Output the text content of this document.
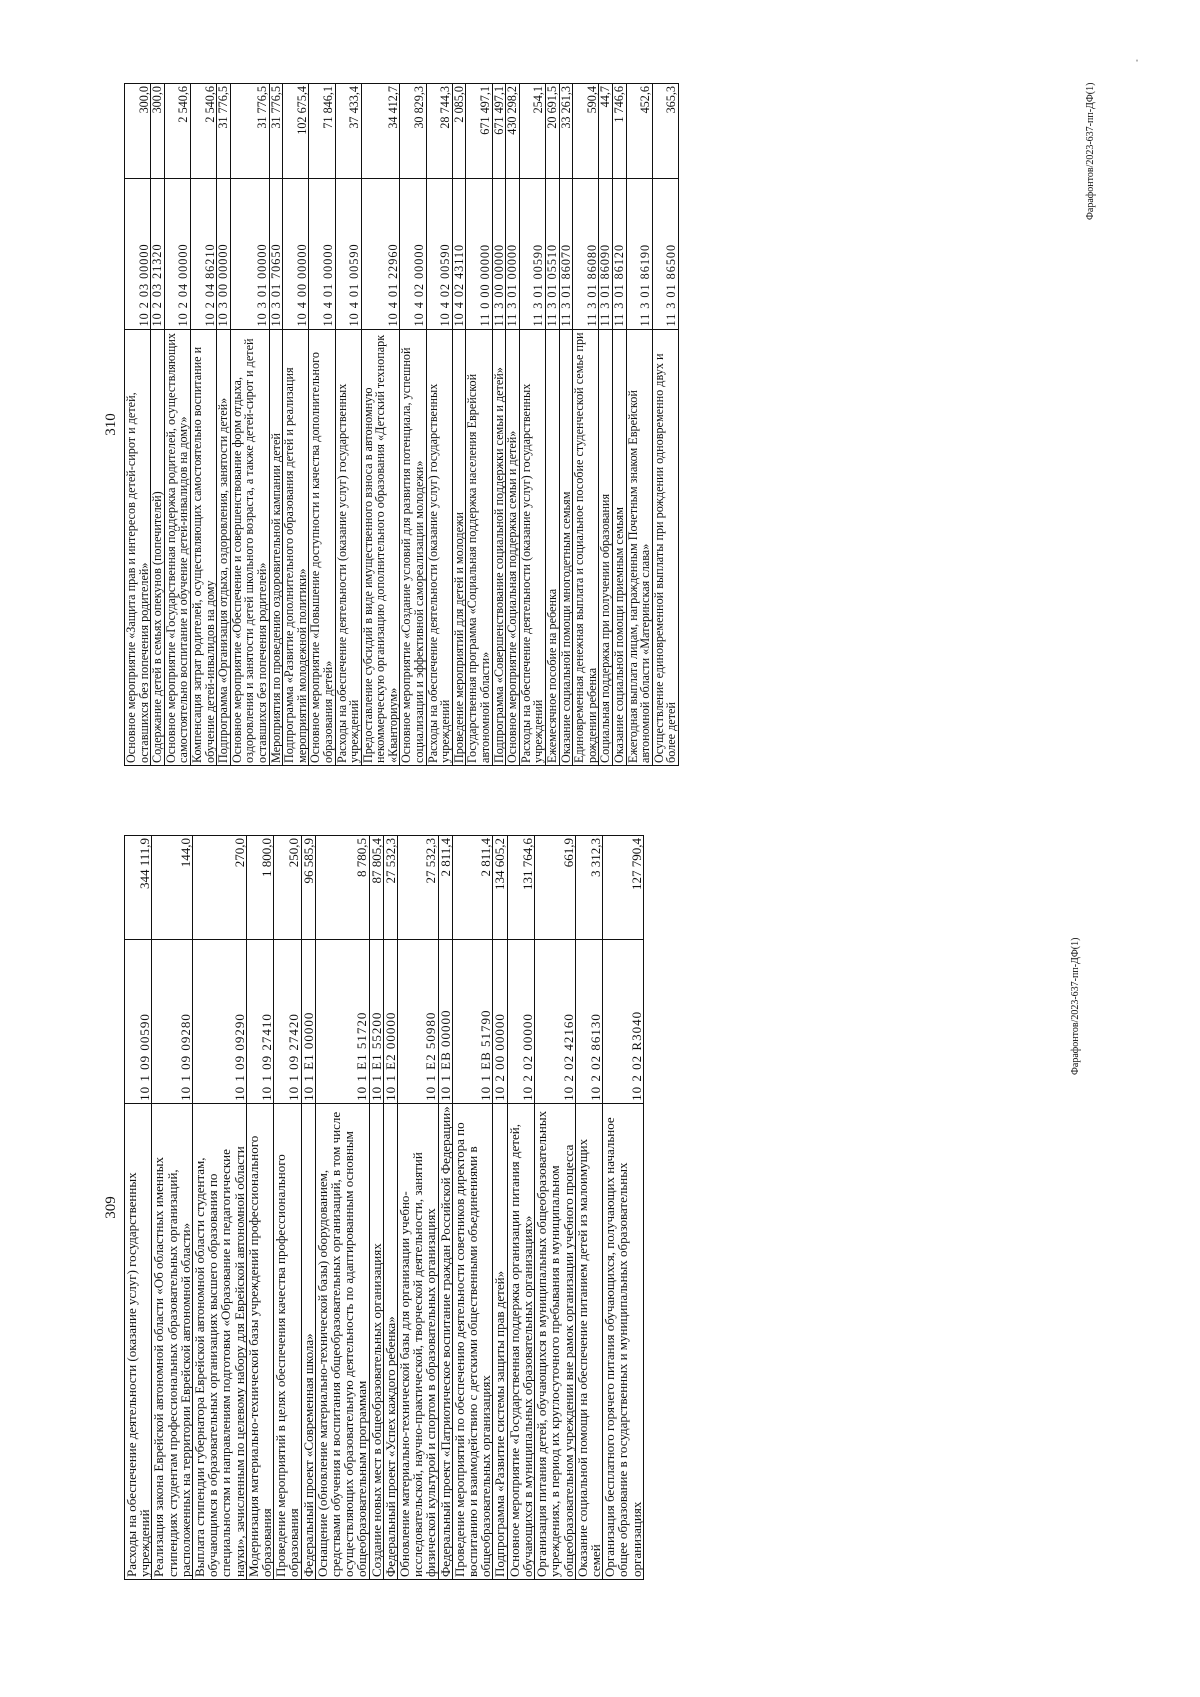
309 Расходы на обеспечение деятельности (оказание услуг) государственных учреждений	10 1 09 00590	344 111,9
Реализация закона Еврейской автономной области «Об областных именных стипендиях студентам профессиональных образовательных организаций, расположенных на территории Еврейской автономной области»	10 1 09 09280	144,0
Выплата стипендии губернатора Еврейской автономной области студентам, обучающимся в образовательных организациях высшего образования по специальностям и направлениям подготовки «Образование и педагогические науки», зачисленным по целевому набору для Еврейской автономной области	10 1 09 09290	270,0
Модернизация материально-технической базы учреждений профессионального образования	10 1 09 27410	1 800,0
Проведение мероприятий в целях обеспечения качества профессионального образования	10 1 09 27420	250,0
Федеральный проект «Современная школа»	10 1 E1 00000	96 585,9
Оснащение (обновление материально-технической базы) оборудованием, средствами обучения и воспитания общеобразовательных организаций, в том числе осуществляющих образовательную деятельность по адаптированным основным общеобразовательным программам	10 1 E1 51720	8 780,5
Создание новых мест в общеобразовательных организациях	10 1 E1 55200	87 805,4
Федеральный проект «Успех каждого ребенка»	10 1 E2 00000	27 532,3
Обновление материально-технической базы для организации учебно-исследовательской, научно-практической, творческой деятельности, занятий физической культурой и спортом в образовательных организациях	10 1 E2 50980	27 532,3
Федеральный проект «Патриотическое воспитание граждан Российской Федерации»	10 1 EB 00000	2 811,4
Проведение мероприятий по обеспечению деятельности советников директора по воспитанию и взаимодействию с детскими общественными объединениями в общеобразовательных организациях	10 1 EB 51790	2 811,4
Подпрограмма «Развитие системы защиты прав детей»	10 2 00 00000	134 605,2
Основное мероприятие «Государственная поддержка организации питания детей, обучающихся в муниципальных образовательных организациях»	10 2 02 00000	131 764,6
Организация питания детей, обучающихся в муниципальных общеобразовательных учреждениях, в период их круглосуточного пребывания в муниципальном общеобразовательном учреждении вне рамок организации учебного процесса	10 2 02 42160	661,9
Оказание социальной помощи на обеспечение питанием детей из малоимущих семей	10 2 02 86130	3 312,3
Организация бесплатного горячего питания обучающихся, получающих начальное общее образование в государственных и муниципальных образовательных организациях	10 2 02 R3040	127 790,4
310 Основное мероприятие «Защита прав и интересов детей-сирот и детей, оставшихся без попечения родителей»	10 2 03 00000	300,0
Содержание детей в семьях опекунов (попечителей)	10 2 03 21320	300,0
Основное мероприятие «Государственная поддержка родителей, осуществляющих самостоятельно воспитание и обучение детей-инвалидов на дому»	10 2 04 00000	2 540,6
Компенсация затрат родителей, осуществляющих самостоятельно воспитание и обучение детей-инвалидов на дому	10 2 04 86210	2 540,6
Подпрограмма «Организация отдыха, оздоровления, занятости детей»	10 3 00 00000	31 776,5
Основное мероприятие «Обеспечение и совершенствование форм отдыха, оздоровления и занятости детей школьного возраста, а также детей-сирот и детей оставшихся без попечения родителей»	10 3 01 00000	31 776,5
Мероприятия по проведению оздоровительной кампании детей	10 3 01 70650	31 776,5
Подпрограмма «Развитие дополнительного образования детей и реализация мероприятий молодежной политики»	10 4 00 00000	102 675,4
Основное мероприятие «Повышение доступности и качества дополнительного образования детей»	10 4 01 00000	71 846,1
Расходы на обеспечение деятельности (оказание услуг) государственных учреждений	10 4 01 00590	37 433,4
Предоставление субсидий в виде имущественного взноса в автономную некоммерческую организацию дополнительного образования «Детский технопарк «Кванториум»	10 4 01 22960	34 412,7
Основное мероприятие «Создание условий для развития потенциала, успешной социализации и эффективной самореализации молодежи»	10 4 02 00000	30 829,3
Расходы на обеспечение деятельности (оказание услуг) государственных учреждений	10 4 02 00590	28 744,3
Проведение мероприятий для детей и молодежи	10 4 02 43110	2 085,0
Государственная программа «Социальная поддержка населения Еврейской автономной области»	11 0 00 00000	671 497,1
Подпрограмма «Совершенствование социальной поддержки семьи и детей»	11 3 00 00000	671 497,1
Основное мероприятие «Социальная поддержка семьи и детей»	11 3 01 00000	430 298,2
Расходы на обеспечение деятельности (оказание услуг) государственных учреждений	11 3 01 00590	254,1
Ежемесячное пособие на ребенка	11 3 01 05510	20 691,5
Оказание социальной помощи многодетным семьям	11 3 01 86070	33 261,3
Единовременная денежная выплата и социальное пособие студенческой семье при рождении ребенка	11 3 01 86080	590,4
Социальная поддержка при получении образования	11 3 01 86090	44,7
Оказание социальной помощи приемным семьям	11 3 01 86120	1 746,6
Ежегодная выплата лицам, награжденным Почетным знаком Еврейской автономной области «Материнская слава»	11 3 01 86190	452,6
Осуществление единовременной выплаты при рождении одновременно двух и более детей	11 3 01 86500	365,3
Фарафонтов/2023-637-пп-ДФ(1)
Фарафонтов/2023-637-пп-ДФ(1)
ˌ
